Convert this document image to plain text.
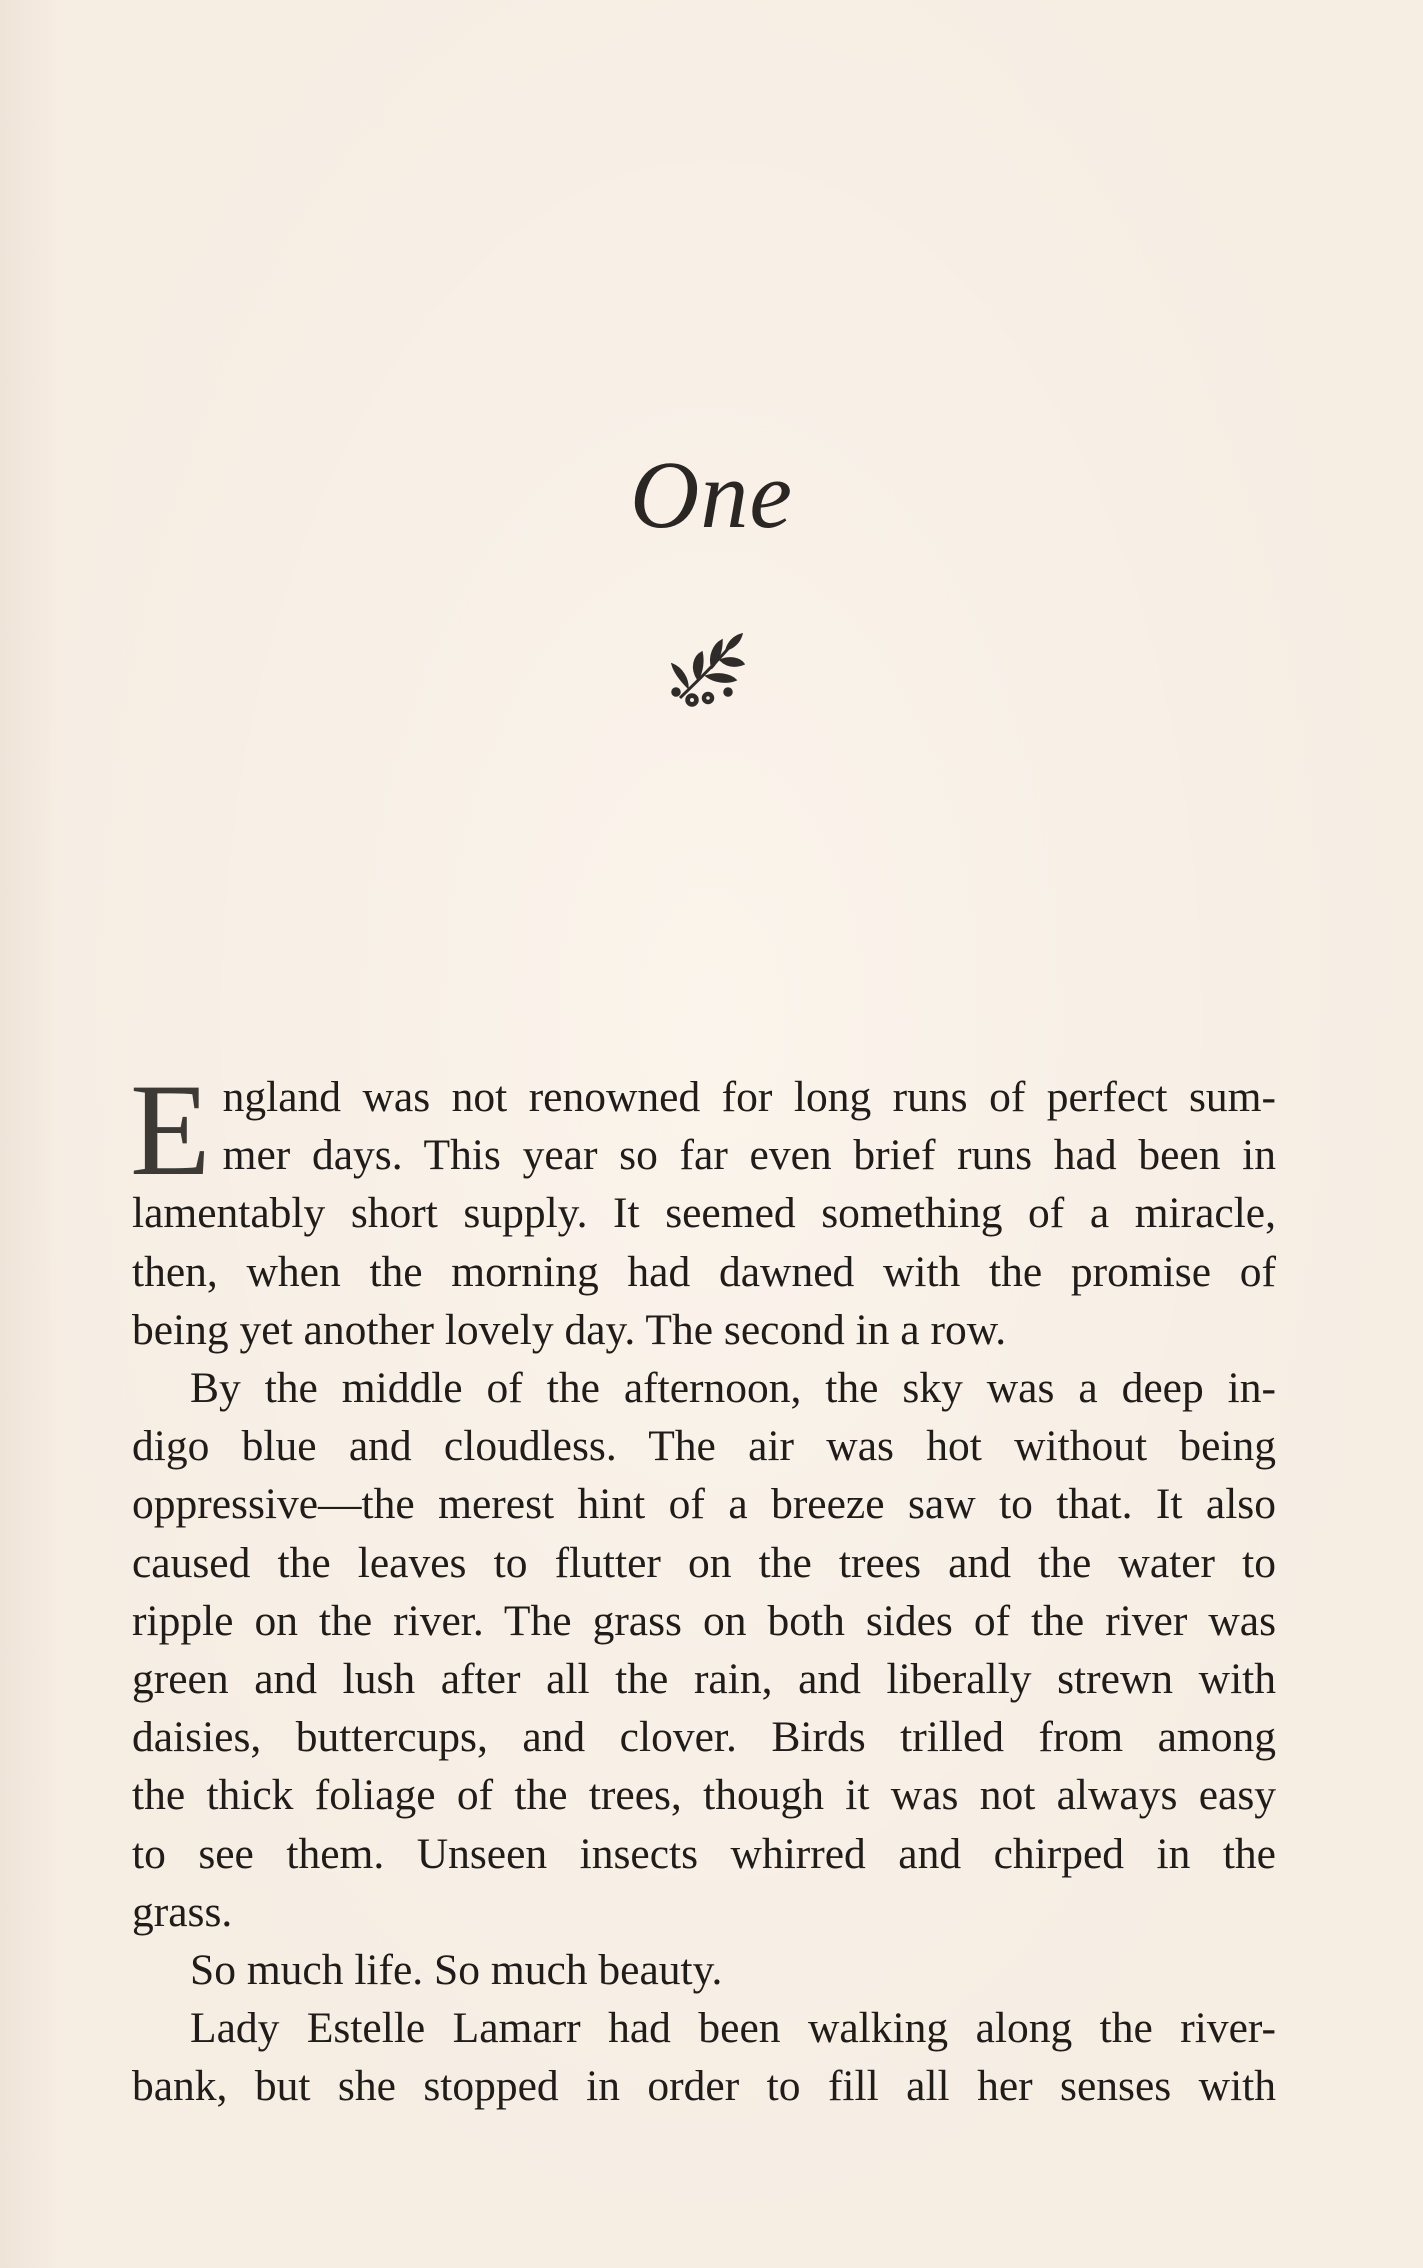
One
E ngland was not renowned for long runs of perfect sum-
mer days. This year so far even brief runs had been in
lamentably short supply. It seemed something of a miracle,
then, when the morning had dawned with the promise of
being yet another lovely day. The second in a row.
By the middle of the afternoon, the sky was a deep in-
digo blue and cloudless. The air was hot without being
oppressive—the merest hint of a breeze saw to that. It also
caused the leaves to flutter on the trees and the water to
ripple on the river. The grass on both sides of the river was
green and lush after all the rain, and liberally strewn with
daisies, buttercups, and clover. Birds trilled from among
the thick foliage of the trees, though it was not always easy
to see them. Unseen insects whirred and chirped in the
grass.
So much life. So much beauty.
Lady Estelle Lamarr had been walking along the river-
bank, but she stopped in order to fill all her senses with
